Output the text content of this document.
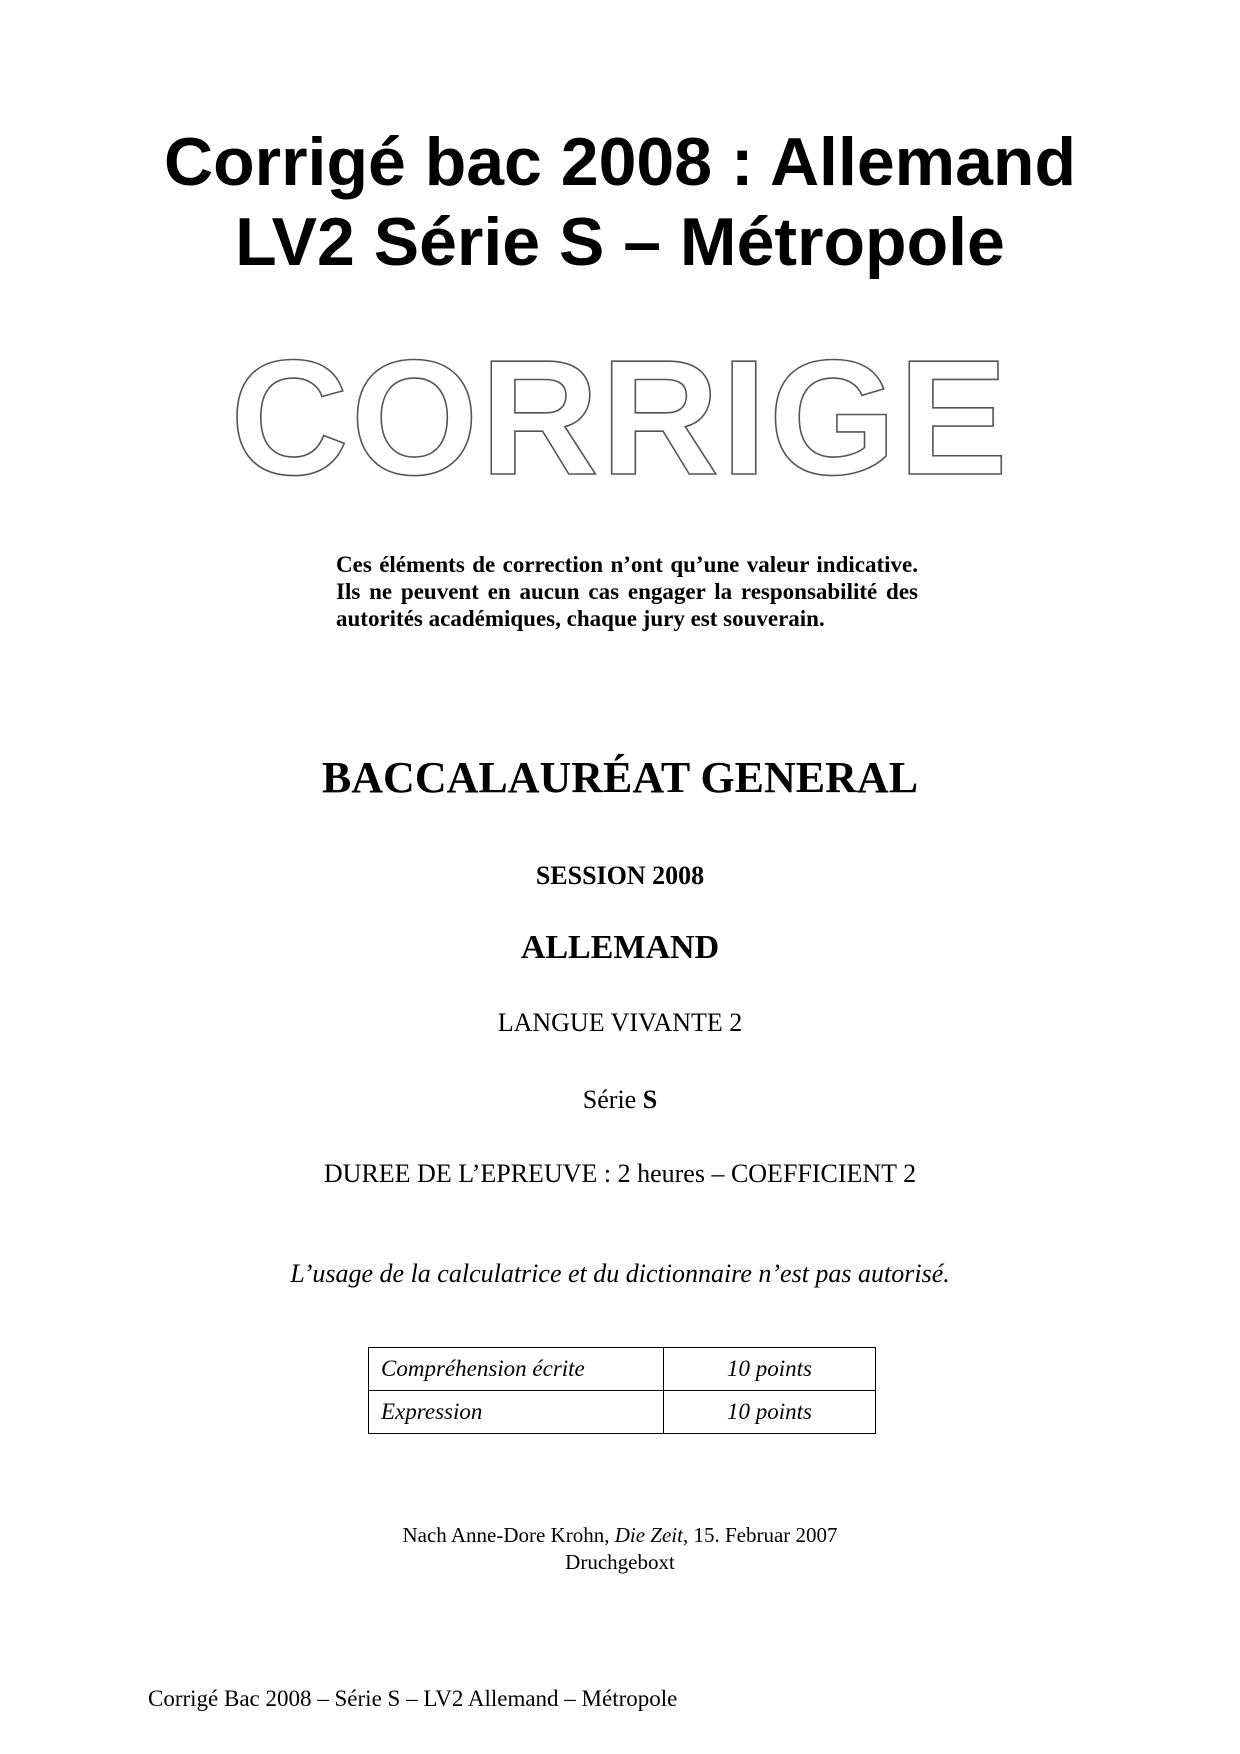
Corrigé bac 2008 : Allemand
LV2 Série S – Métropole
CORRIGE

Ces éléments de correction n’ont qu’une valeur indicative. Ils ne peuvent en aucun cas engager la responsabilité des autorités académiques, chaque jury est souverain.

BACCALAURÉAT GENERAL

SESSION 2008

ALLEMAND

LANGUE VIVANTE 2

Série S

DUREE DE L’EPREUVE : 2 heures – COEFFICIENT 2

L’usage de la calculatrice et du dictionnaire n’est pas autorisé.

Compréhension écrite	10 points
Expression	10 points
Nach Anne-Dore Krohn, Die Zeit, 15. Februar 2007
Druchgeboxt

Corrigé Bac 2008 – Série S – LV2 Allemand – Métropole
